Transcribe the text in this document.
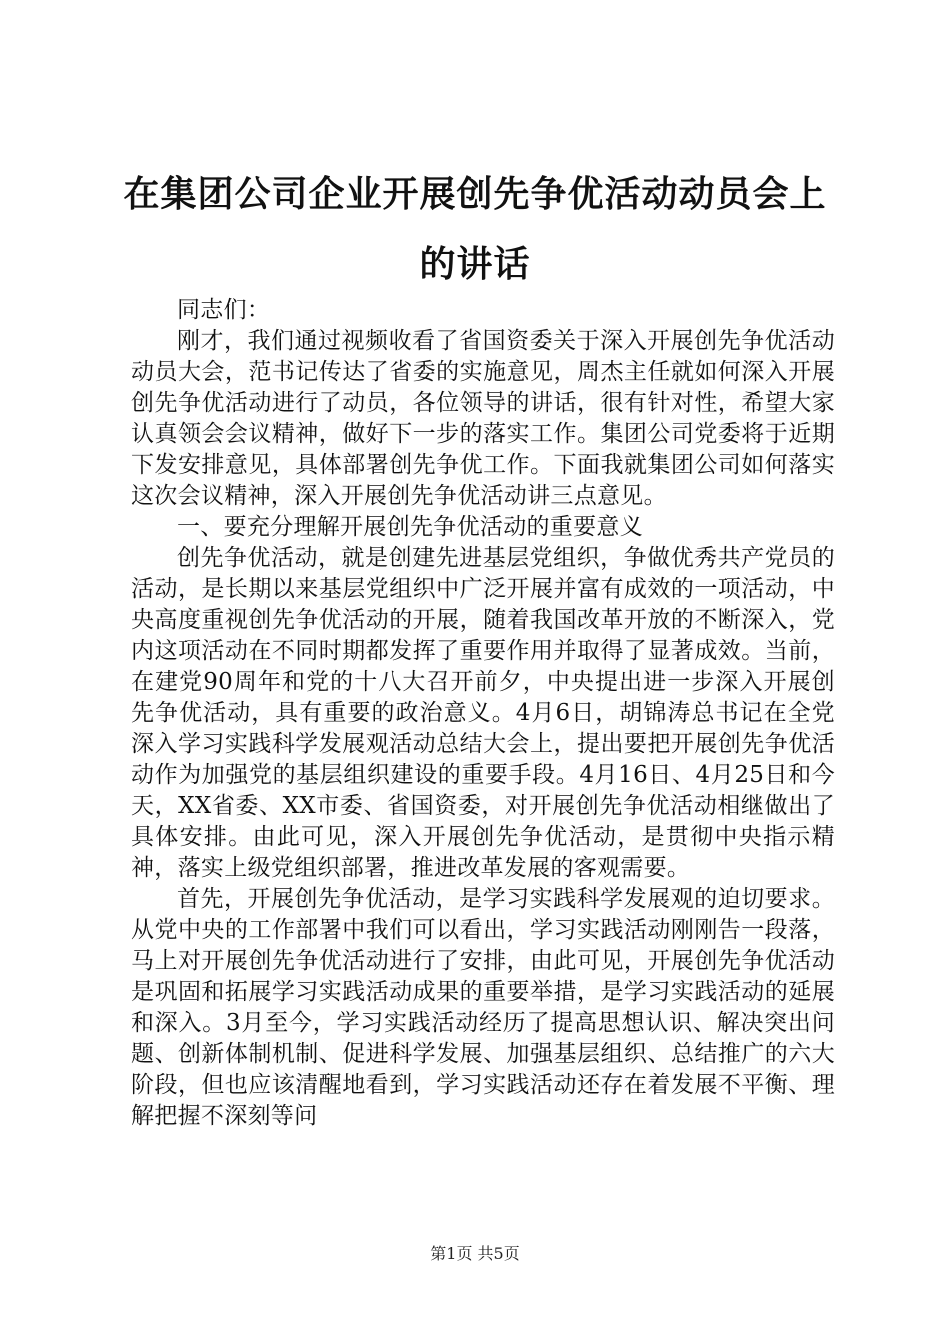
在集团公司企业开展创先争优活动动员会上的讲话

同志们：

刚才，我们通过视频收看了省国资委关于深入开展创先争优活动动员大会，范书记传达了省委的实施意见，周杰主任就如何深入开展创先争优活动进行了动员，各位领导的讲话，很有针对性，希望大家认真领会会议精神，做好下一步的落实工作。集团公司党委将于近期下发安排意见，具体部署创先争优工作。下面我就集团公司如何落实这次会议精神，深入开展创先争优活动讲三点意见。

一、要充分理解开展创先争优活动的重要意义

创先争优活动，就是创建先进基层党组织，争做优秀共产党员的活动，是长期以来基层党组织中广泛开展并富有成效的一项活动，中央高度重视创先争优活动的开展，随着我国改革开放的不断深入，党内这项活动在不同时期都发挥了重要作用并取得了显著成效。当前，在建党90周年和党的十八大召开前夕，中央提出进一步深入开展创先争优活动，具有重要的政治意义。4月6日，胡锦涛总书记在全党深入学习实践科学发展观活动总结大会上，提出要把开展创先争优活动作为加强党的基层组织建设的重要手段。4月16日、4月25日和今天，XX省委、XX市委、省国资委，对开展创先争优活动相继做出了具体安排。由此可见，深入开展创先争优活动，是贯彻中央指示精神，落实上级党组织部署，推进改革发展的客观需要。

首先，开展创先争优活动，是学习实践科学发展观的迫切要求。从党中央的工作部署中我们可以看出，学习实践活动刚刚告一段落，马上对开展创先争优活动进行了安排，由此可见，开展创先争优活动是巩固和拓展学习实践活动成果的重要举措，是学习实践活动的延展和深入。3月至今，学习实践活动经历了提高思想认识、解决突出问题、创新体制机制、促进科学发展、加强基层组织、总结推广的六大阶段，但也应该清醒地看到，学习实践活动还存在着发展不平衡、理解把握不深刻等问

第1页 共5页
